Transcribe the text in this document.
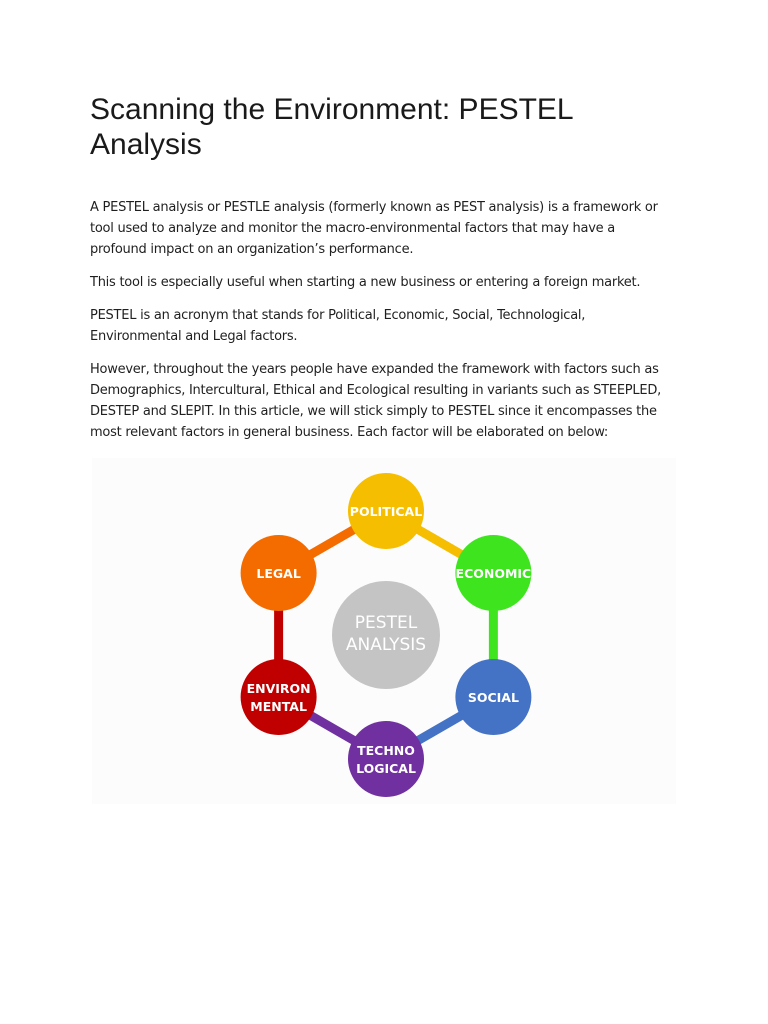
Scanning the Environment: PESTEL Analysis

A PESTEL analysis or PESTLE analysis (formerly known as PEST analysis) is a framework or tool used to analyze and monitor the macro-environmental factors that may have a profound impact on an organization’s performance.

This tool is especially useful when starting a new business or entering a foreign market.

PESTEL is an acronym that stands for Political, Economic, Social, Technological, Environmental and Legal factors.

However, throughout the years people have expanded the framework with factors such as Demographics, Intercultural, Ethical and Ecological resulting in variants such as STEEPLED, DESTEP and SLEPIT. In this article, we will stick simply to PESTEL since it encompasses the most relevant factors in general business. Each factor will be elaborated on below:

POLITICAL
ECONOMIC
SOCIAL
TECHNO
LOGICAL
ENVIRON
MENTAL
LEGAL
PESTEL
ANALYSIS
